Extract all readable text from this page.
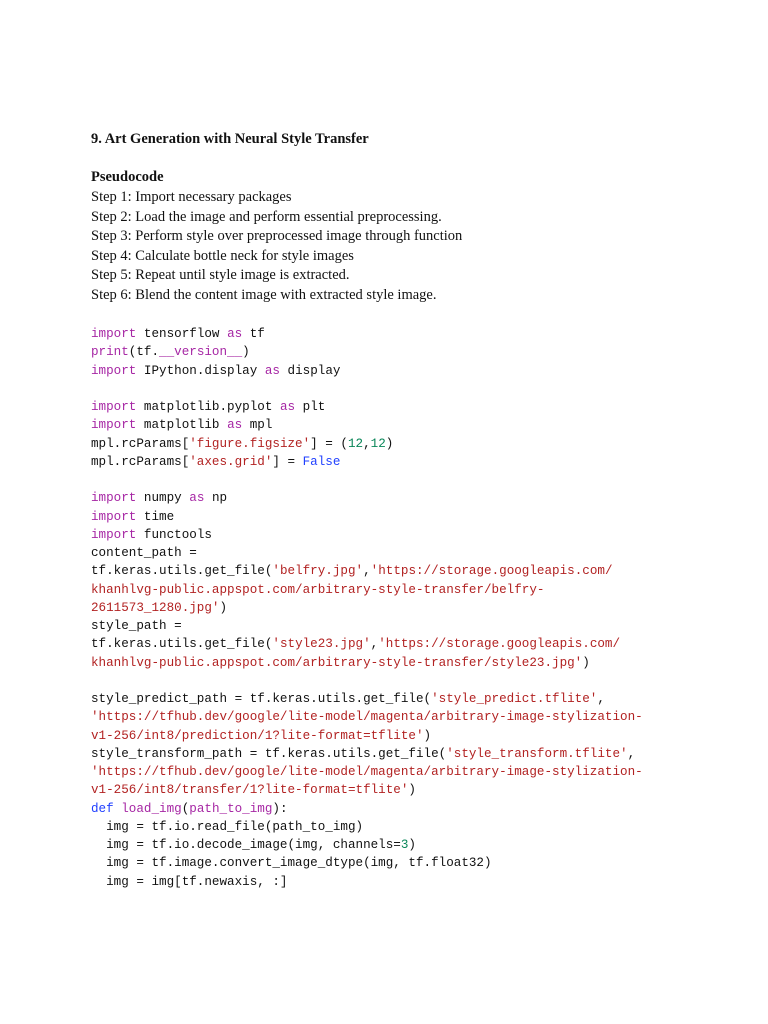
9. Art Generation with Neural Style Transfer
Pseudocode
Step 1: Import necessary packages
Step 2: Load the image and perform essential preprocessing.
Step 3: Perform style over preprocessed image through function
Step 4: Calculate bottle neck for style images
Step 5: Repeat until style image is extracted.
Step 6: Blend the content image with extracted style image.
import tensorflow as tf
print(tf.__version__)
import IPython.display as display

import matplotlib.pyplot as plt
import matplotlib as mpl
mpl.rcParams['figure.figsize'] = (12,12)
mpl.rcParams['axes.grid'] = False

import numpy as np
import time
import functools
content_path =
tf.keras.utils.get_file('belfry.jpg','https://storage.googleapis.com/
khanhlvg-public.appspot.com/arbitrary-style-transfer/belfry-
2611573_1280.jpg')
style_path =
tf.keras.utils.get_file('style23.jpg','https://storage.googleapis.com/
khanhlvg-public.appspot.com/arbitrary-style-transfer/style23.jpg')

style_predict_path = tf.keras.utils.get_file('style_predict.tflite',
'https://tfhub.dev/google/lite-model/magenta/arbitrary-image-stylization-
v1-256/int8/prediction/1?lite-format=tflite')
style_transform_path = tf.keras.utils.get_file('style_transform.tflite',
'https://tfhub.dev/google/lite-model/magenta/arbitrary-image-stylization-
v1-256/int8/transfer/1?lite-format=tflite')
def load_img(path_to_img):
img = tf.io.read_file(path_to_img)
img = tf.io.decode_image(img, channels=3)
img = tf.image.convert_image_dtype(img, tf.float32)
img = img[tf.newaxis, :]
